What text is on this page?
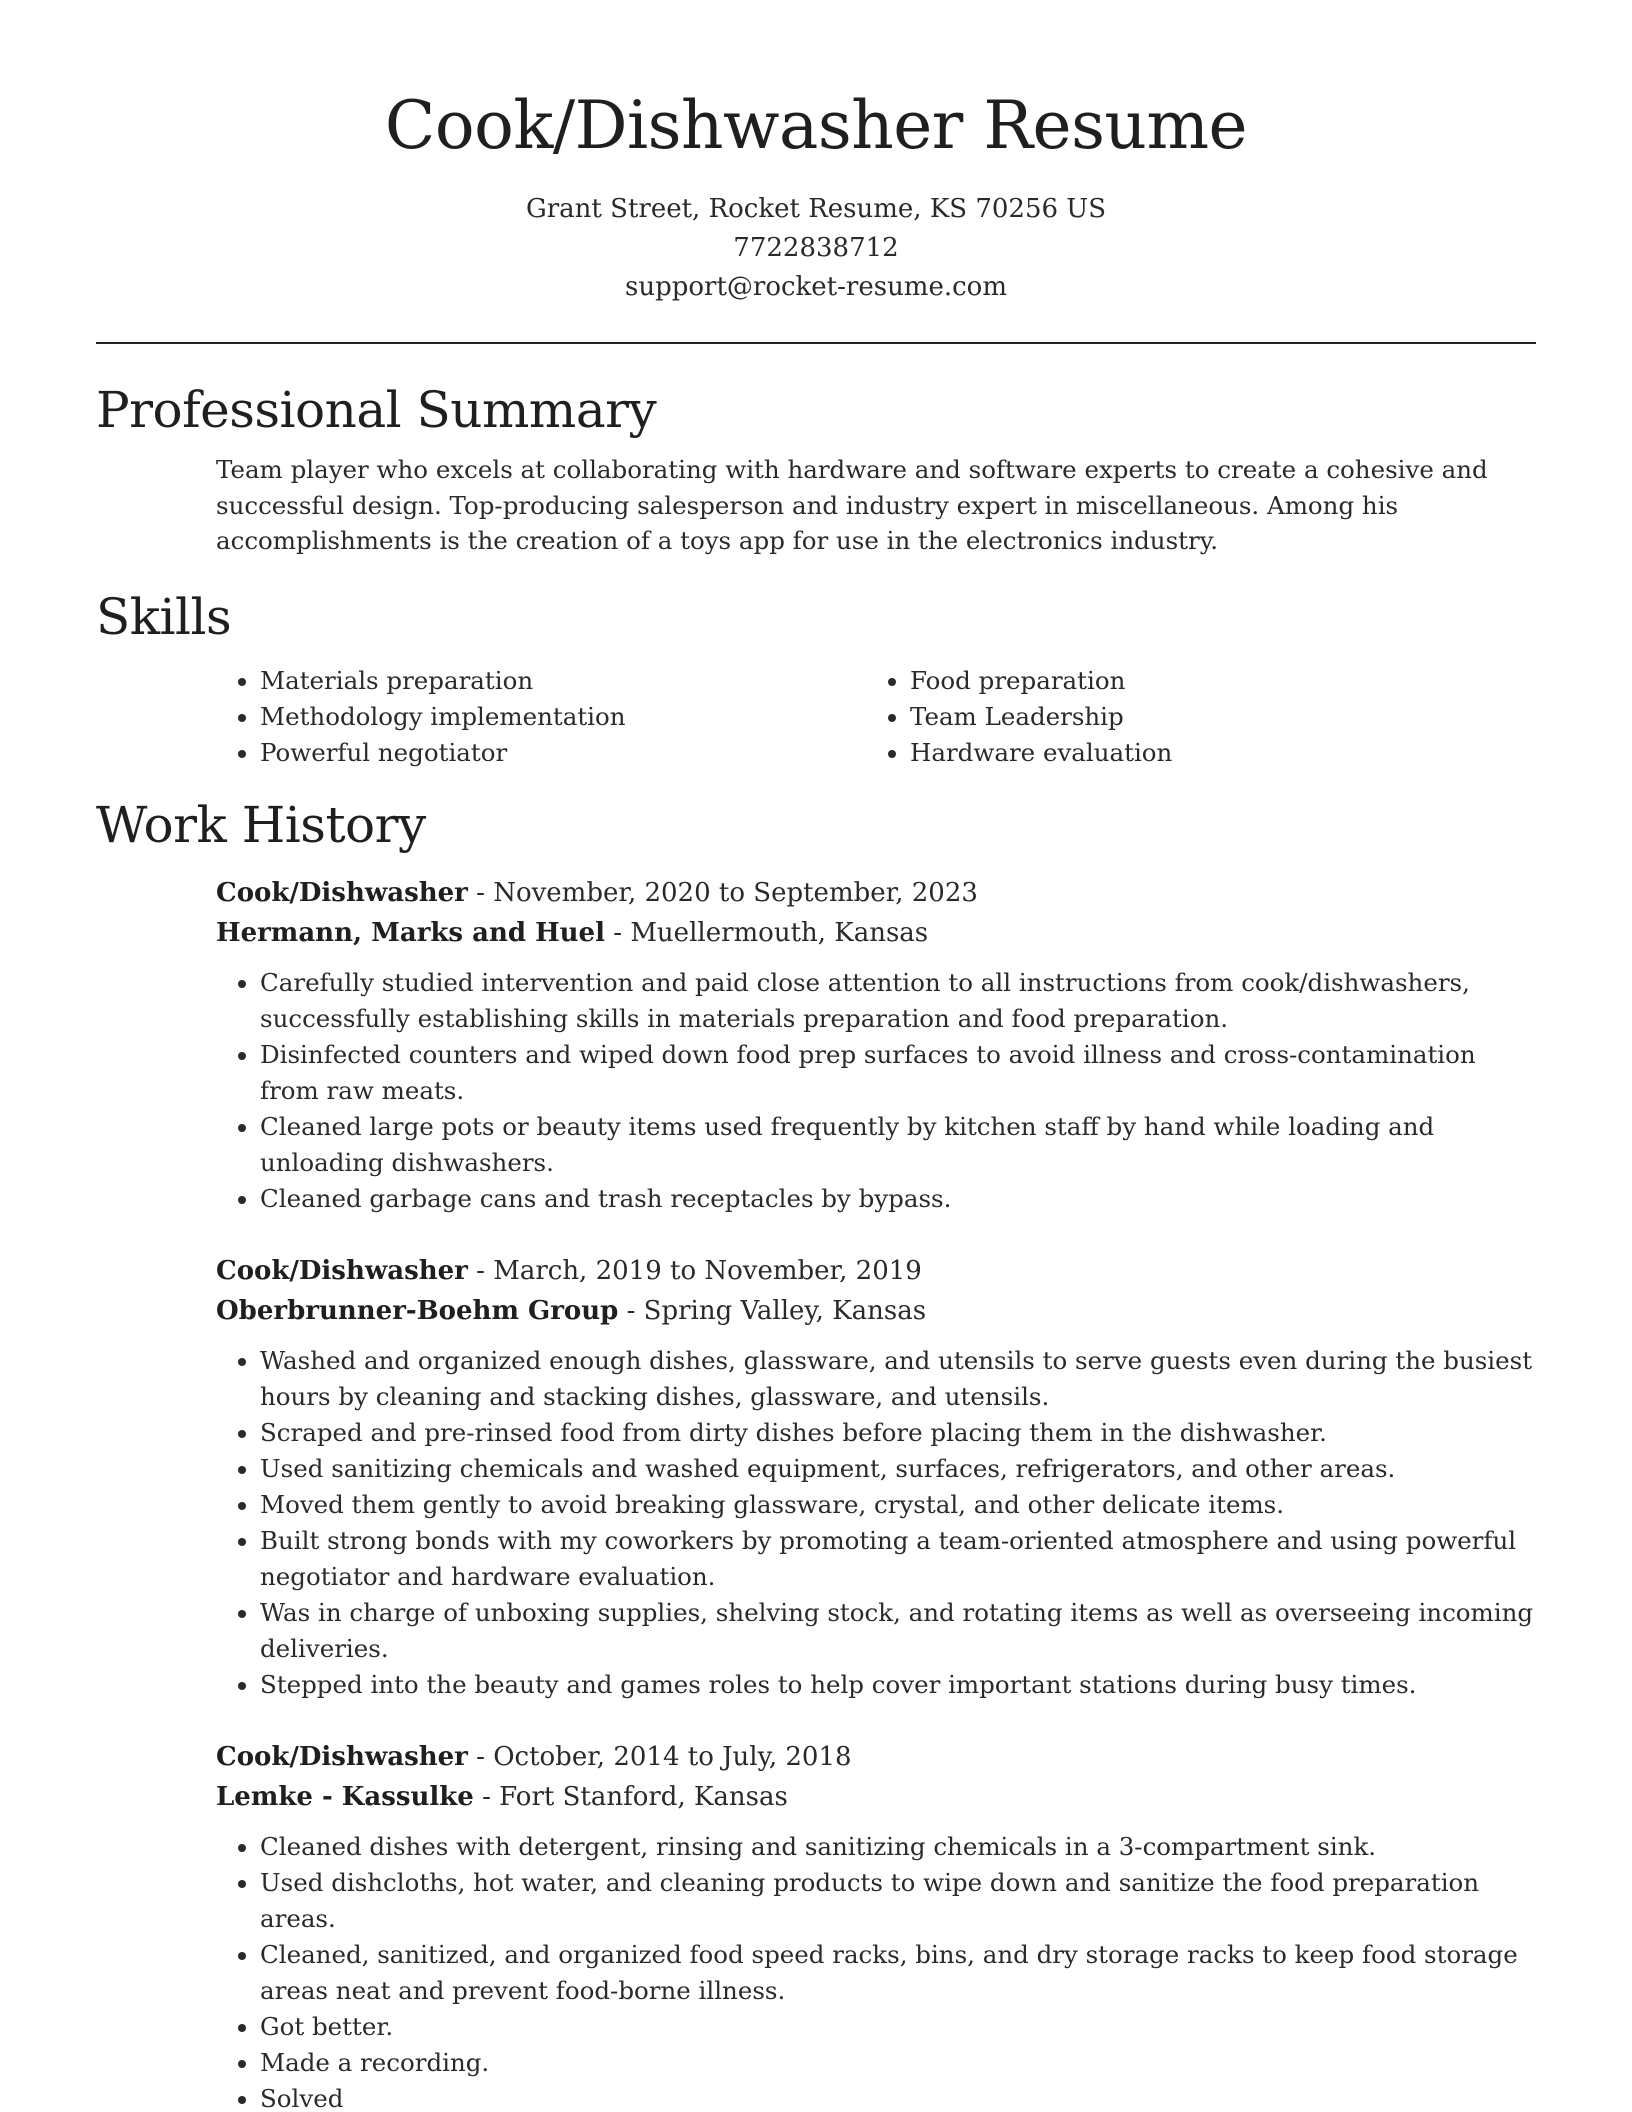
Cook/Dishwasher Resume
Grant Street, Rocket Resume, KS 70256 US
7722838712
support@rocket-resume.com
Professional Summary

Team player who excels at collaborating with hardware and software experts to create a cohesive and successful design. Top-producing salesperson and industry expert in miscellaneous. Among his accomplishments is the creation of a toys app for use in the electronics industry.

Skills
• Materials preparation
• Methodology implementation
• Powerful negotiator
• Food preparation
• Team Leadership
• Hardware evaluation
Work History
Cook/Dishwasher - November, 2020 to September, 2023
Hermann, Marks and Huel - Muellermouth, Kansas
• Carefully studied intervention and paid close attention to all instructions from cook/dishwashers, successfully establishing skills in materials preparation and food preparation.
• Disinfected counters and wiped down food prep surfaces to avoid illness and cross-contamination from raw meats.
• Cleaned large pots or beauty items used frequently by kitchen staff by hand while loading and unloading dishwashers.
• Cleaned garbage cans and trash receptacles by bypass.
Cook/Dishwasher - March, 2019 to November, 2019
Oberbrunner-Boehm Group - Spring Valley, Kansas
• Washed and organized enough dishes, glassware, and utensils to serve guests even during the busiest hours by cleaning and stacking dishes, glassware, and utensils.
• Scraped and pre-rinsed food from dirty dishes before placing them in the dishwasher.
• Used sanitizing chemicals and washed equipment, surfaces, refrigerators, and other areas.
• Moved them gently to avoid breaking glassware, crystal, and other delicate items.
• Built strong bonds with my coworkers by promoting a team-oriented atmosphere and using powerful negotiator and hardware evaluation.
• Was in charge of unboxing supplies, shelving stock, and rotating items as well as overseeing incoming deliveries.
• Stepped into the beauty and games roles to help cover important stations during busy times.
Cook/Dishwasher - October, 2014 to July, 2018
Lemke - Kassulke - Fort Stanford, Kansas
• Cleaned dishes with detergent, rinsing and sanitizing chemicals in a 3-compartment sink.
• Used dishcloths, hot water, and cleaning products to wipe down and sanitize the food preparation areas.
• Cleaned, sanitized, and organized food speed racks, bins, and dry storage racks to keep food storage areas neat and prevent food-borne illness.
• Got better.
• Made a recording.
• Solved
